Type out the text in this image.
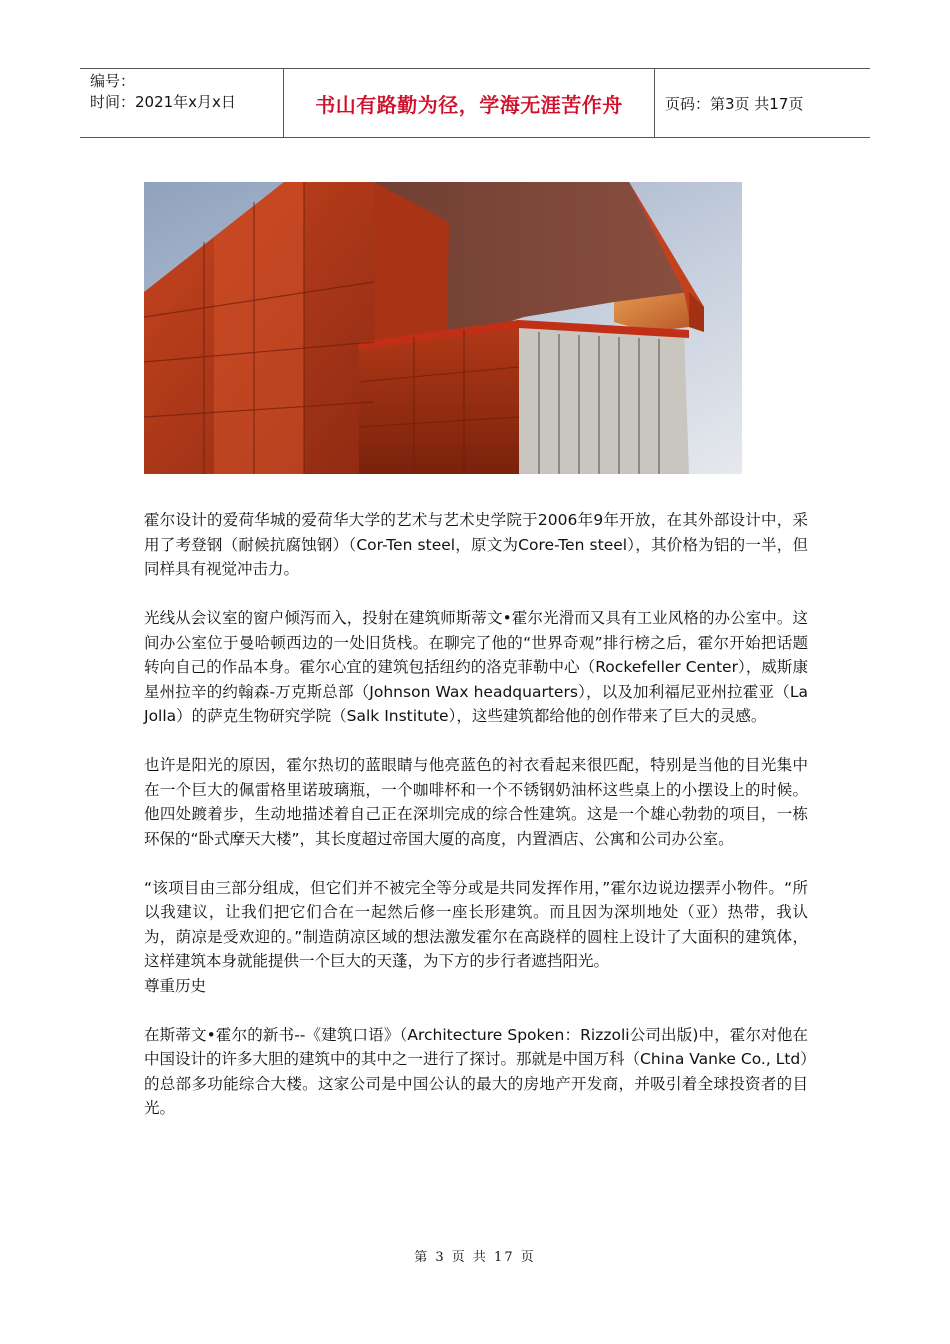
编号：
时间：2021年x月x日	书山有路勤为径，学海无涯苦作舟	页码：第3页 共17页

霍尔设计的爱荷华城的爱荷华大学的艺术与艺术史学院于2006年9年开放，在其外部设计中，采用了考登钢（耐候抗腐蚀钢）（Cor-Ten steel，原文为Core-Ten steel），其价格为铝的一半，但同样具有视觉冲击力。

光线从会议室的窗户倾泻而入，投射在建筑师斯蒂文•霍尔光滑而又具有工业风格的办公室中。这间办公室位于曼哈顿西边的一处旧货栈。在聊完了他的“世界奇观”排行榜之后，霍尔开始把话题转向自己的作品本身。霍尔心宜的建筑包括纽约的洛克菲勒中心（Rockefeller Center），威斯康星州拉辛的约翰森-万克斯总部（Johnson Wax headquarters），以及加利福尼亚州拉霍亚（La Jolla）的萨克生物研究学院（Salk Institute），这些建筑都给他的创作带来了巨大的灵感。

也许是阳光的原因，霍尔热切的蓝眼睛与他亮蓝色的衬衣看起来很匹配，特别是当他的目光集中在一个巨大的佩雷格里诺玻璃瓶，一个咖啡杯和一个不锈钢奶油杯这些桌上的小摆设上的时候。他四处踱着步，生动地描述着自己正在深圳完成的综合性建筑。这是一个雄心勃勃的项目，一栋环保的“卧式摩天大楼”，其长度超过帝国大厦的高度，内置酒店、公寓和公司办公室。

“该项目由三部分组成，但它们并不被完全等分或是共同发挥作用，”霍尔边说边摆弄小物件。“所以我建议，让我们把它们合在一起然后修一座长形建筑。而且因为深圳地处（亚）热带，我认为，荫凉是受欢迎的。”制造荫凉区域的想法激发霍尔在高跷样的圆柱上设计了大面积的建筑体，这样建筑本身就能提供一个巨大的天蓬，为下方的步行者遮挡阳光。

尊重历史

在斯蒂文•霍尔的新书--《建筑口语》（Architecture Spoken：Rizzoli公司出版)中，霍尔对他在中国设计的许多大胆的建筑中的其中之一进行了探讨。那就是中国万科（China Vanke Co., Ltd）的总部多功能综合大楼。这家公司是中国公认的最大的房地产开发商，并吸引着全球投资者的目光。

第 3 页 共 17 页
